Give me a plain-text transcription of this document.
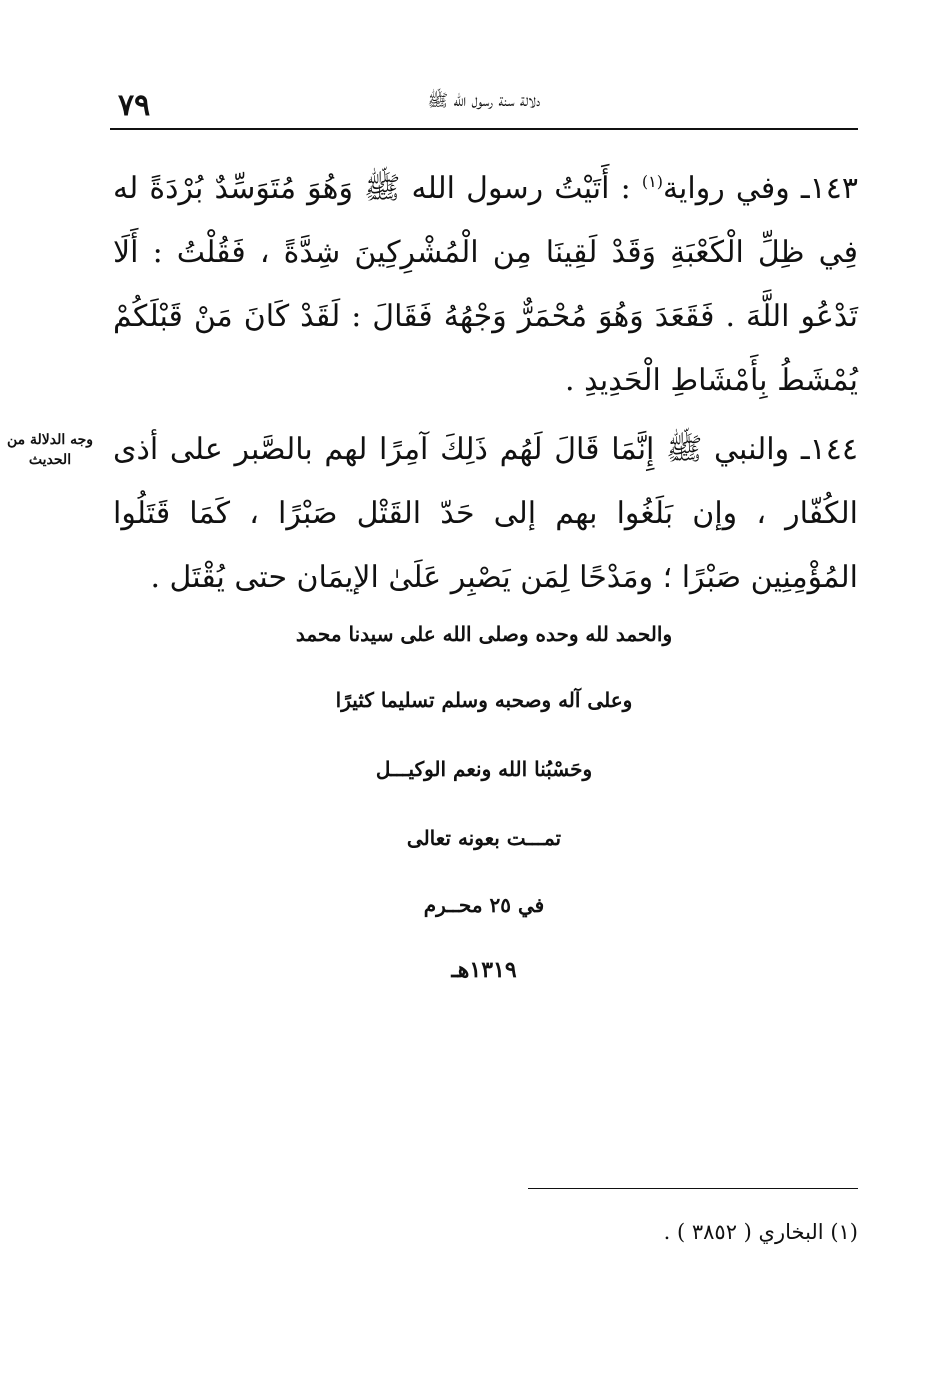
٧٩	دلالة سنة رسول الله ﷺ
١٤٣ـ وفي رواية$^{(١)}$ : أَتَيْتُ رسول الله ﷺ وَهُوَ مُتَوَسِّدٌ بُرْدَةً له فِي ظِلِّ الْكَعْبَةِ وَقَدْ لَقِينَا مِن الْمُشْرِكِينَ شِدَّةً ، فَقُلْتُ : أَلَا تَدْعُو اللَّهَ . فَقَعَدَ وَهُوَ مُحْمَرٌّ وَجْهُهُ فَقَالَ : لَقَدْ كَانَ مَنْ قَبْلَكُمْ يُمْشَطُ بِأَمْشَاطِ الْحَدِيدِ .
وجه الدلالة من الحديث	١٤٤ـ والنبي ﷺ إِنَّمَا قَالَ لَهُم ذَلِكَ آمِرًا لهم بالصَّبر على أذى الكُفّار ، وإن بَلَغُوا بهم إلى حَدّ القَتْل صَبْرًا ، كَمَا قَتَلُوا المُؤْمِنِين صَبْرًا ؛ ومَدْحًا لِمَن يَصْبِر عَلَىٰ الإيمَان حتى يُقْتَل .
والحمد لله وحده وصلى الله على سيدنا محمد
وعلى آله وصحبه وسلم تسليما كثيرًا
وحَسْبُنا الله ونعم الوكيـــل
تمـــت بعونه تعالى
في ٢٥ محــرم
١٣١٩هـ
(١) البخاري ( ٣٨٥٢ ) .
